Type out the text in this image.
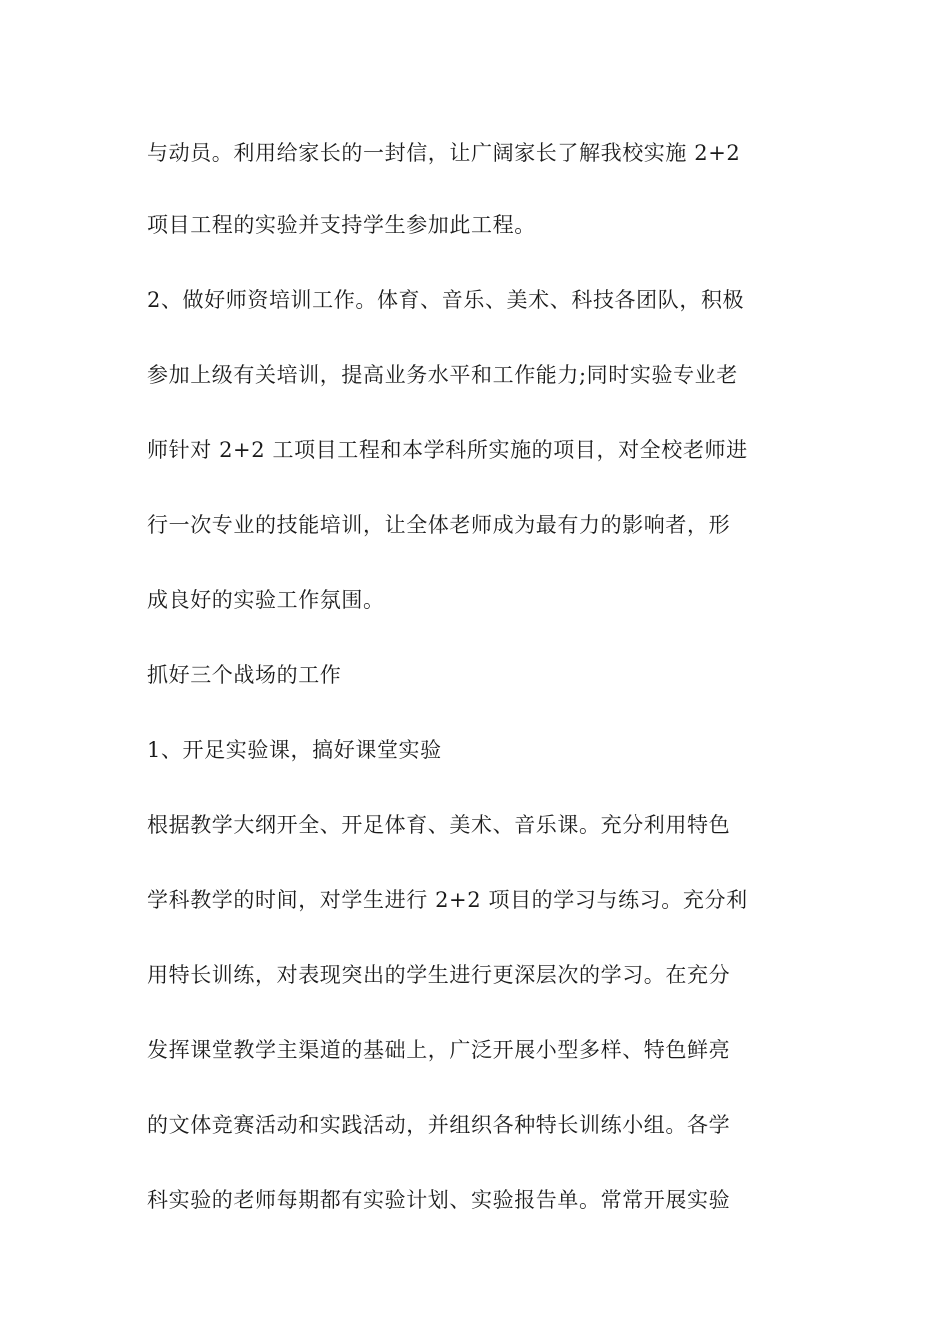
与动员。利用给家长的一封信，让广阔家长了解我校实施 2+2
项目工程的实验并支持学生参加此工程。
2、做好师资培训工作。体育、音乐、美术、科技各团队，积极
参加上级有关培训，提高业务水平和工作能力;同时实验专业老
师针对 2+2 工项目工程和本学科所实施的项目，对全校老师进
行一次专业的技能培训，让全体老师成为最有力的影响者，形
成良好的实验工作氛围。
抓好三个战场的工作
1、开足实验课，搞好课堂实验
根据教学大纲开全、开足体育、美术、音乐课。充分利用特色
学科教学的时间，对学生进行 2+2 项目的学习与练习。充分利
用特长训练，对表现突出的学生进行更深层次的学习。在充分
发挥课堂教学主渠道的基础上，广泛开展小型多样、特色鲜亮
的文体竞赛活动和实践活动，并组织各种特长训练小组。各学
科实验的老师每期都有实验计划、实验报告单。常常开展实验
